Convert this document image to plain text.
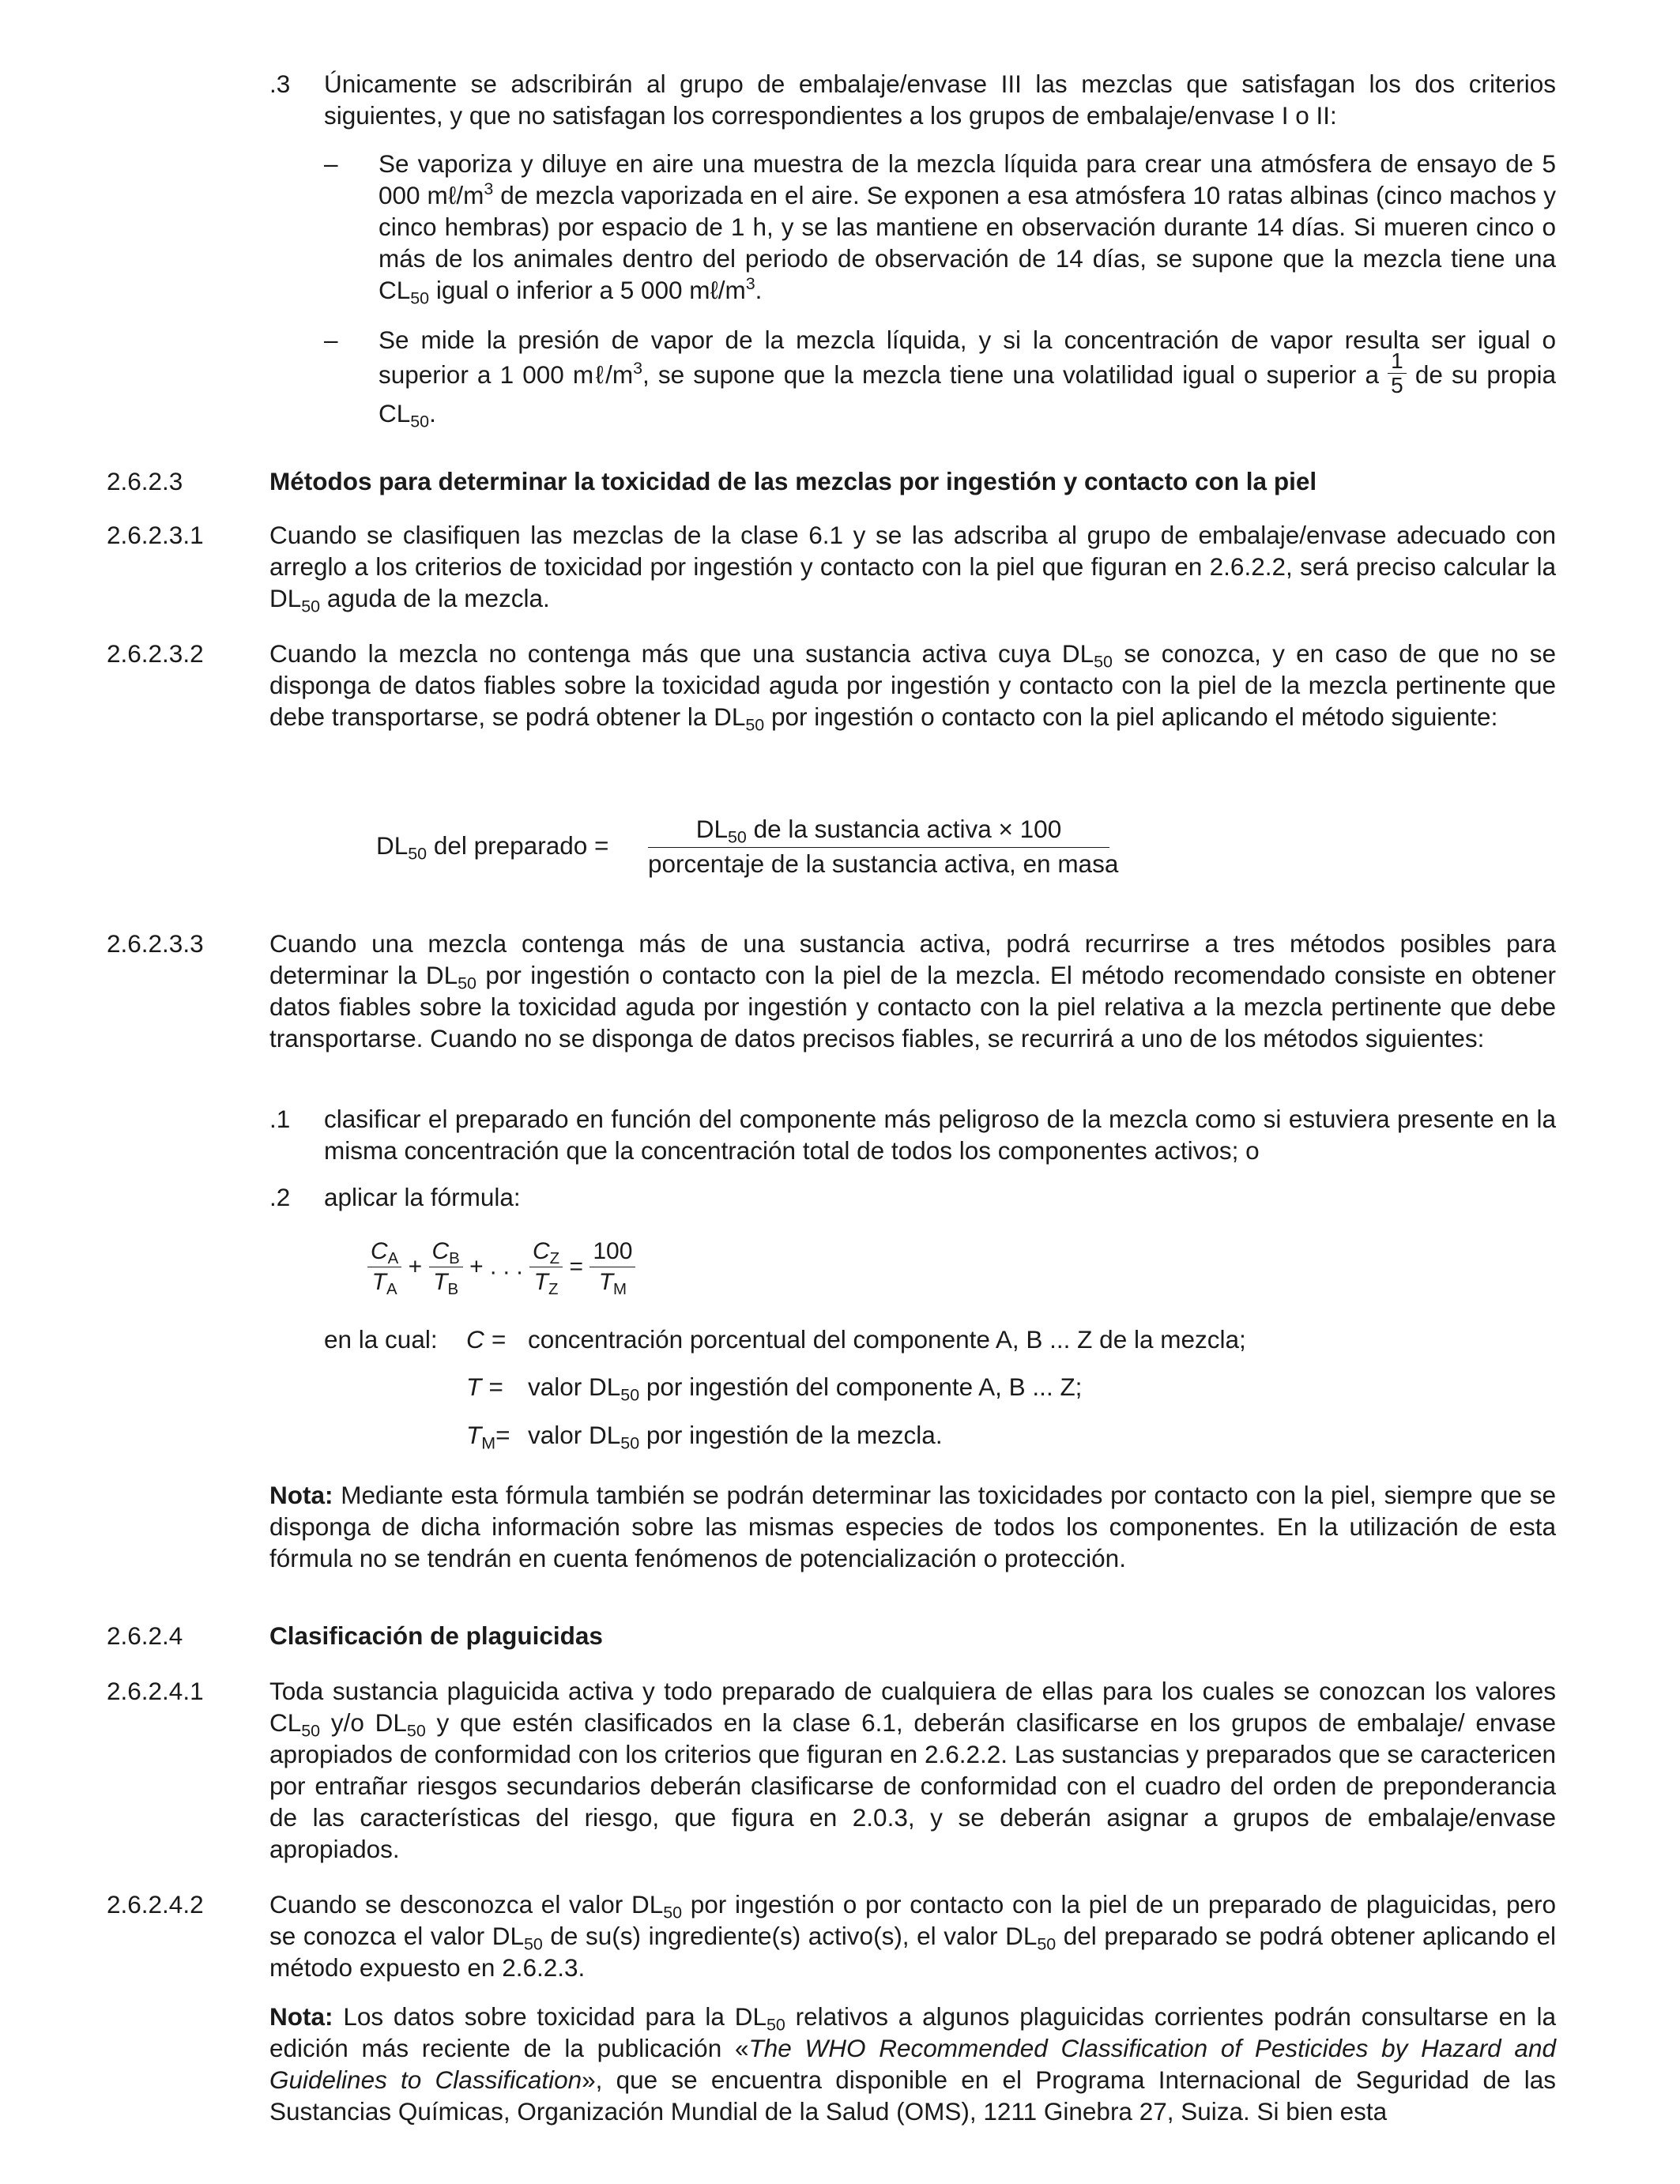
.3 Únicamente se adscribirán al grupo de embalaje/envase III las mezclas que satisfagan los dos criterios siguientes, y que no satisfagan los correspondientes a los grupos de embalaje/envase I o II:

– Se vaporiza y diluye en aire una muestra de la mezcla líquida para crear una atmósfera de ensayo de 5 000 $m\ell/m^3$ de mezcla vaporizada en el aire. Se exponen a esa atmósfera 10 ratas albinas (cinco machos y cinco hembras) por espacio de 1 h, y se las mantiene en observación durante 14 días. Si mueren cinco o más de los animales dentro del periodo de observación de 14 días, se supone que la mezcla tiene una $CL_{50}$ igual o inferior a 5 000 $m\ell/m^3$.

– Se mide la presión de vapor de la mezcla líquida, y si la concentración de vapor resulta ser igual o superior a 1 000 $m\ell/m^3$, se supone que la mezcla tiene una volatilidad igual o superior a $\frac{1}{5}$ de su propia $CL_{50}$.

2.6.2.3	Métodos para determinar la toxicidad de las mezclas por ingestión y contacto con la piel

2.6.2.3.1	Cuando se clasifiquen las mezclas de la clase 6.1 y se las adscriba al grupo de embalaje/envase adecuado con arreglo a los criterios de toxicidad por ingestión y contacto con la piel que figuran en 2.6.2.2, será preciso calcular la $DL_{50}$ aguda de la mezcla.

2.6.2.3.2	Cuando la mezcla no contenga más que una sustancia activa cuya $DL_{50}$ se conozca, y en caso de que no se disponga de datos fiables sobre la toxicidad aguda por ingestión y contacto con la piel de la mezcla pertinente que debe transportarse, se podrá obtener la $DL_{50}$ por ingestión o contacto con la piel aplicando el método siguiente:

$DL_{50}$ del preparado =
$DL_{50}$ de la sustancia activa × 100
porcentaje de la sustancia activa, en masa
2.6.2.3.3	Cuando una mezcla contenga más de una sustancia activa, podrá recurrirse a tres métodos posibles para determinar la $DL_{50}$ por ingestión o contacto con la piel de la mezcla. El método recomendado consiste en obtener datos fiables sobre la toxicidad aguda por ingestión y contacto con la piel relativa a la mezcla pertinente que debe transportarse. Cuando no se disponga de datos precisos fiables, se recurrirá a uno de los métodos siguientes:

.1 clasificar el preparado en función del componente más peligroso de la mezcla como si estuviera presente en la misma concentración que la concentración total de todos los componentes activos; o

.2 aplicar la fórmula:

$\frac{C_A}{T_A} + \frac{C_B}{T_B}$ + . . . $\frac{C_Z}{T_Z} = \frac{100}{T_M}$
en la cual: C = concentración porcentual del componente A, B ... Z de la mezcla;
T = valor $DL_{50}$ por ingestión del componente A, B ... Z;
$T_M=$ valor $DL_{50}$ por ingestión de la mezcla.

Nota: Mediante esta fórmula también se podrán determinar las toxicidades por contacto con la piel, siempre que se disponga de dicha información sobre las mismas especies de todos los componentes. En la utilización de esta fórmula no se tendrán en cuenta fenómenos de potencialización o protección.

2.6.2.4	Clasificación de plaguicidas

2.6.2.4.1	Toda sustancia plaguicida activa y todo preparado de cualquiera de ellas para los cuales se conozcan los valores $CL_{50}$ y/o $DL_{50}$ y que estén clasificados en la clase 6.1, deberán clasificarse en los grupos de embalaje/ envase apropiados de conformidad con los criterios que figuran en 2.6.2.2. Las sustancias y preparados que se caractericen por entrañar riesgos secundarios deberán clasificarse de conformidad con el cuadro del orden de preponderancia de las características del riesgo, que figura en 2.0.3, y se deberán asignar a grupos de embalaje/envase apropiados.

2.6.2.4.2	Cuando se desconozca el valor $DL_{50}$ por ingestión o por contacto con la piel de un preparado de plaguicidas, pero se conozca el valor $DL_{50}$ de su(s) ingrediente(s) activo(s), el valor $DL_{50}$ del preparado se podrá obtener aplicando el método expuesto en 2.6.2.3.

Nota: Los datos sobre toxicidad para la $DL_{50}$ relativos a algunos plaguicidas corrientes podrán consultarse en la edición más reciente de la publicación «The WHO Recommended Classification of Pesticides by Hazard and Guidelines to Classification», que se encuentra disponible en el Programa Internacional de Seguridad de las Sustancias Químicas, Organización Mundial de la Salud (OMS), 1211 Ginebra 27, Suiza. Si bien esta
